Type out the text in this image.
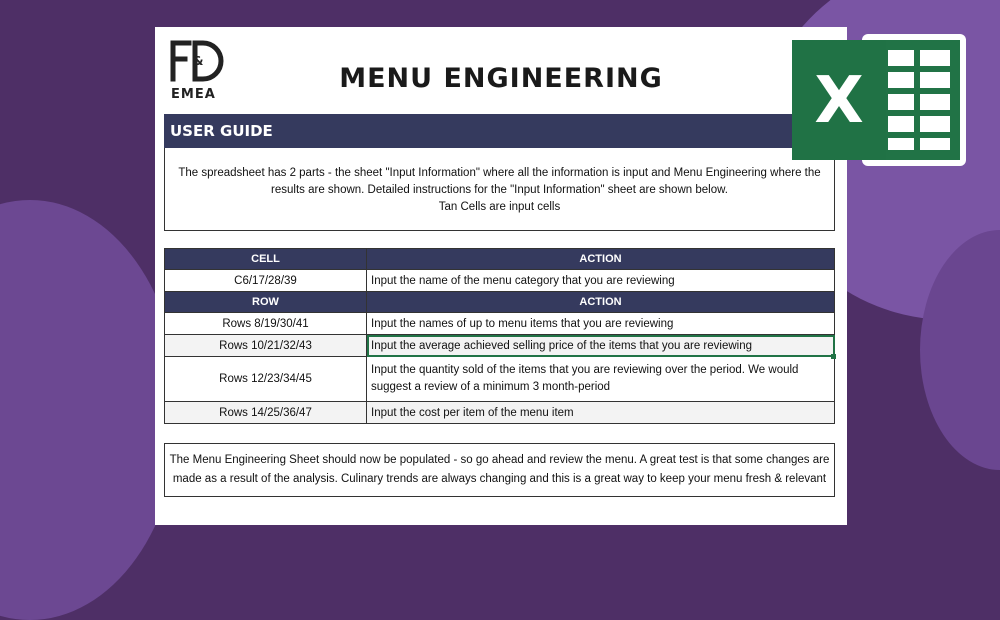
&
EMEA
MENU ENGINEERING
USER GUIDE
The spreadsheet has 2 parts - the sheet "Input Information" where all the information is input and Menu Engineering where the
results are shown. Detailed instructions for the "Input Information" sheet are shown below.
Tan Cells are input cells
CELL	ACTION
C6/17/28/39	Input the name of the menu category that you are reviewing
ROW	ACTION
Rows 8/19/30/41	Input the names of up to menu items that you are reviewing
Rows 10/21/32/43	Input the average achieved selling price of the items that you are reviewing
Rows 12/23/34/45	Input the quantity sold of the items that you are reviewing over the period. We would
suggest a review of a minimum 3 month-period

Rows 14/25/36/47	Input the cost per item of the menu item
The Menu Engineering Sheet should now be populated - so go ahead and review the menu. A great test is that some changes are
made as a result of the analysis. Culinary trends are always changing and this is a great way to keep your menu fresh & relevant
X
